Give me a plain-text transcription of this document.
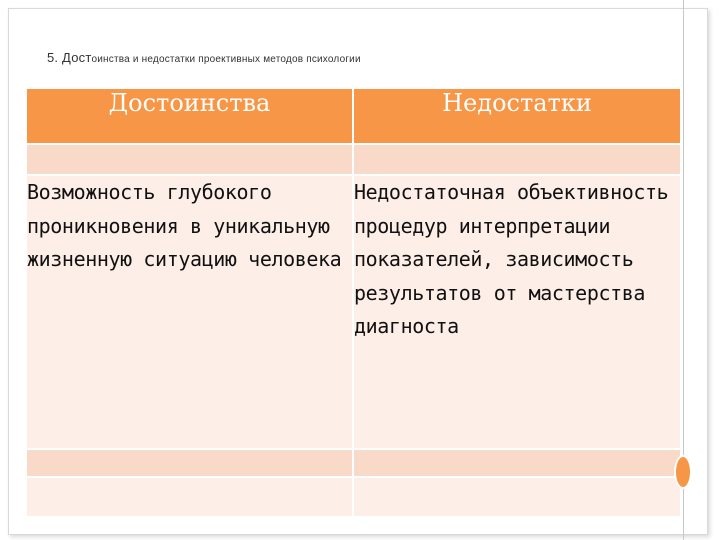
5. Достоинства и недостатки проективных методов психологии
Достоинства	Недостатки

Возможность глубокого проникновения в уникальную жизненную ситуацию человека	Недостаточная объективность процедур интерпретации показателей, зависимость результатов от мастерства диагноста
